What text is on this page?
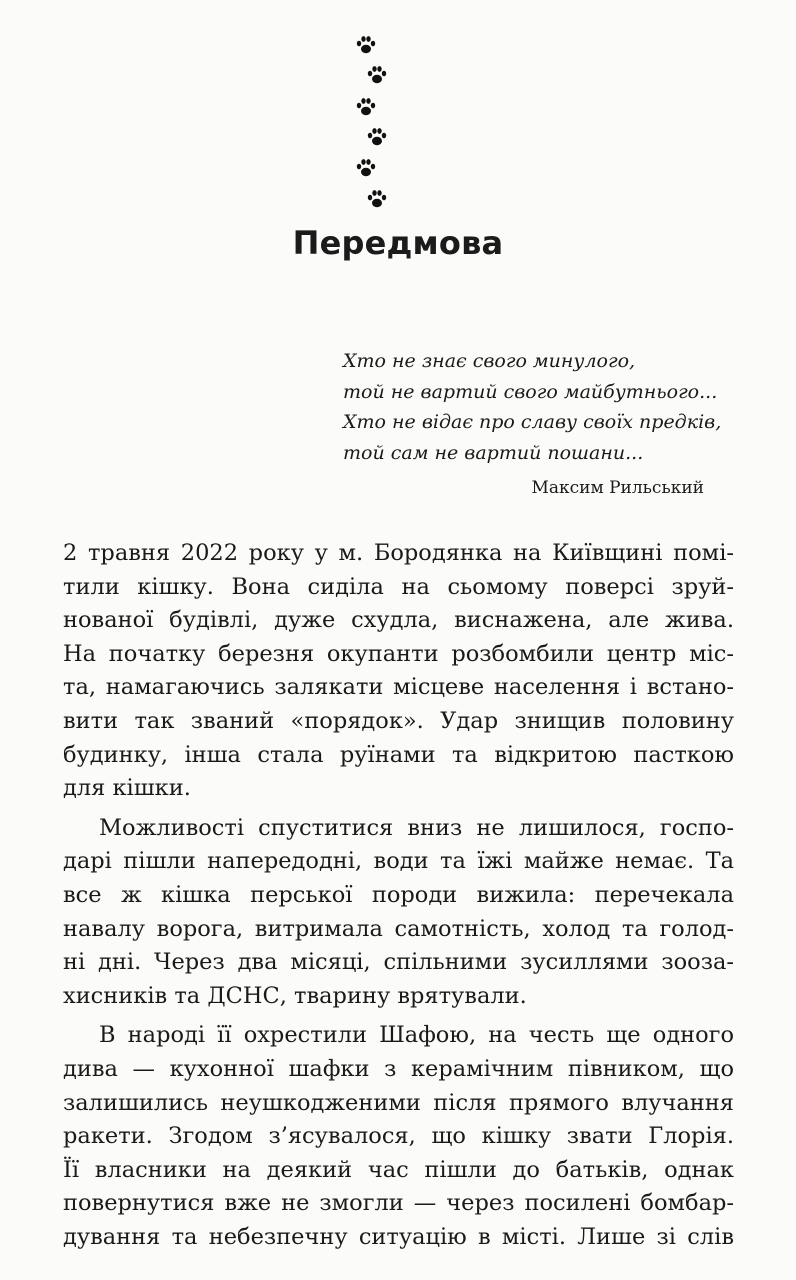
Передмова
Хто не знає свого минулого,
той не вартий свого майбутнього...
Хто не відає про славу своїх предків,
той сам не вартий пошани...
Максим Рильський
2 травня 2022 року у м. Бородянка на Київщині помі-
тили кішку. Вона сиділа на сьомому поверсі зруй-
нованої будівлі, дуже схудла, виснажена, але жива.
На початку березня окупанти розбомбили центр міс-
та, намагаючись залякати місцеве населення і встано-
вити так званий «порядок». Удар знищив половину
будинку, інша стала руїнами та відкритою пасткою
для кішки.
Можливості спуститися вниз не лишилося, госпо-
дарі пішли напередодні, води та їжі майже немає. Та
все ж кішка перської породи вижила: перечекала
навалу ворога, витримала самотність, холод та голод-
ні дні. Через два місяці, спільними зусиллями зооза-
хисників та ДСНС, тварину врятували.
В народі її охрестили Шафою, на честь ще одного
дива — кухонної шафки з керамічним півником, що
залишились неушкодженими після прямого влучання
ракети. Згодом з’ясувалося, що кішку звати Глорія.
Її власники на деякий час пішли до батьків, однак
повернутися вже не змогли — через посилені бомбар-
дування та небезпечну ситуацію в місті. Лише зі слів
